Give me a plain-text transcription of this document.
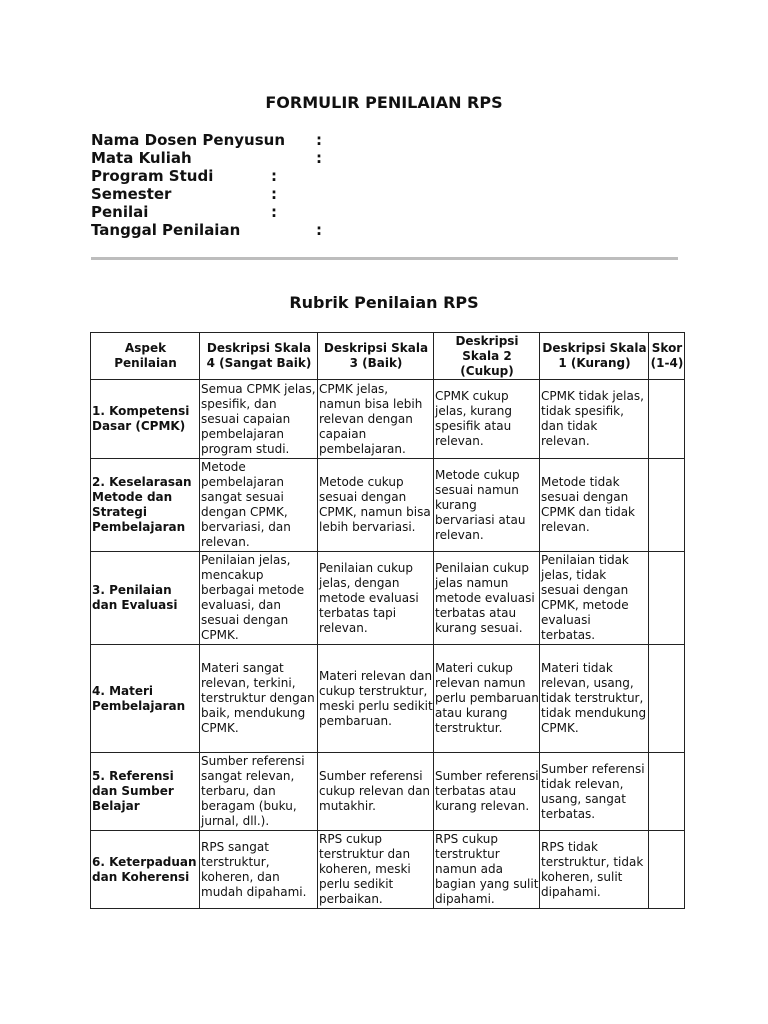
FORMULIR PENILAIAN RPS
Nama Dosen Penyusun :
Mata Kuliah	:
Program Studi	:
Semester	:
Penilai	:
Tanggal Penilaian	:
Rubrik Penilaian RPS
Aspek Penilaian	Deskripsi Skala 4 (Sangat Baik)	Deskripsi Skala 3 (Baik)	Deskripsi Skala 2 (Cukup)	Deskripsi Skala 1 (Kurang)	Skor (1-4)
1. Kompetensi Dasar (CPMK)	Semua CPMK jelas, spesifik, dan sesuai capaian pembelajaran program studi.	CPMK jelas, namun bisa lebih relevan dengan capaian pembelajaran.	CPMK cukup jelas, kurang spesifik atau relevan.	CPMK tidak jelas, tidak spesifik, dan tidak relevan.	
2. Keselarasan Metode dan Strategi Pembelajaran	Metode pembelajaran sangat sesuai dengan CPMK, bervariasi, dan relevan.	Metode cukup sesuai dengan CPMK, namun bisa lebih bervariasi.	Metode cukup sesuai namun kurang bervariasi atau relevan.	Metode tidak sesuai dengan CPMK dan tidak relevan.	
3. Penilaian dan Evaluasi	Penilaian jelas, mencakup berbagai metode evaluasi, dan sesuai dengan CPMK.	Penilaian cukup jelas, dengan metode evaluasi terbatas tapi relevan.	Penilaian cukup jelas namun metode evaluasi terbatas atau kurang sesuai.	Penilaian tidak jelas, tidak sesuai dengan CPMK, metode evaluasi terbatas.	
4. Materi Pembelajaran	Materi sangat relevan, terkini, terstruktur dengan baik, mendukung CPMK.	Materi relevan dan cukup terstruktur, meski perlu sedikit pembaruan.	Materi cukup relevan namun perlu pembaruan atau kurang terstruktur.	Materi tidak relevan, usang, tidak terstruktur, tidak mendukung CPMK.	
5. Referensi dan Sumber Belajar	Sumber referensi sangat relevan, terbaru, dan beragam (buku, jurnal, dll.).	Sumber referensi cukup relevan dan mutakhir.	Sumber referensi terbatas atau kurang relevan.	Sumber referensi tidak relevan, usang, sangat terbatas.	
6. Keterpaduan dan Koherensi	RPS sangat terstruktur, koheren, dan mudah dipahami.	RPS cukup terstruktur dan koheren, meski perlu sedikit perbaikan.	RPS cukup terstruktur namun ada bagian yang sulit dipahami.	RPS tidak terstruktur, tidak koheren, sulit dipahami.	
